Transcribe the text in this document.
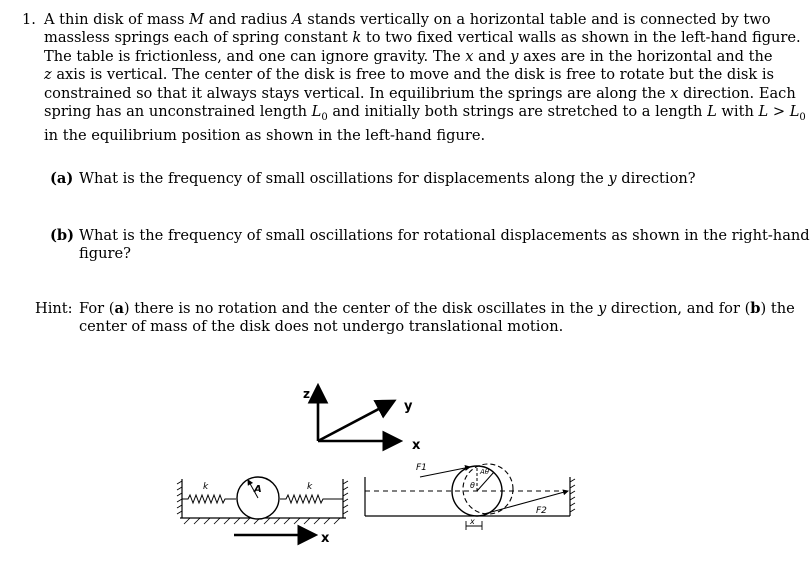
1. A thin disk of mass M and radius A stands vertically on a horizontal table and is connected by two
massless springs each of spring constant k to two fixed vertical walls as shown in the left-hand figure.
The table is frictionless, and one can ignore gravity. The x and y axes are in the horizontal and the
z axis is vertical. The center of the disk is free to move and the disk is free to rotate but the disk is
constrained so that it always stays vertical. In equilibrium the springs are along the x direction. Each
spring has an unconstrained length $L_0$ and initially both strings are stretched to a length L with $L > L_0$
in the equilibrium position as shown in the left-hand figure.
(a) What is the frequency of small oscillations for displacements along the y direction?
(b) What is the frequency of small oscillations for rotational displacements as shown in the right-hand
figure?
Hint: For (a) there is no rotation and the center of the disk oscillates in the y direction, and for (b) the
center of mass of the disk does not undergo translational motion.
z
y
x
A
k	k
x
θ
Aθ
F1
F2
x
